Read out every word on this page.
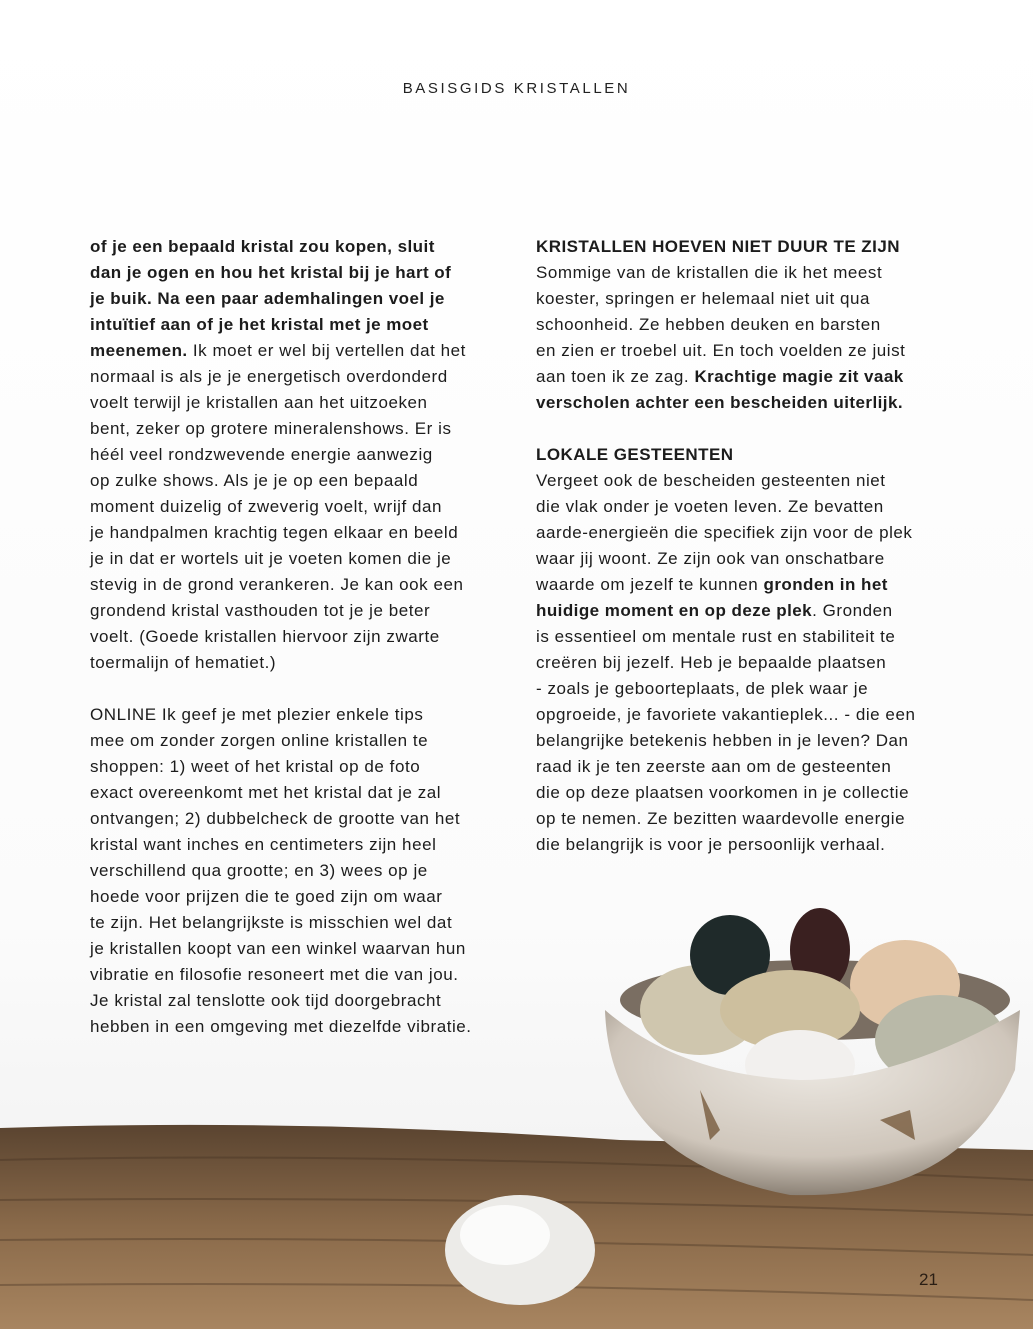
BASISGIDS KRISTALLEN
of je een bepaald kristal zou kopen, sluit
dan je ogen en hou het kristal bij je hart of
je buik. Na een paar ademhalingen voel je
intuïtief aan of je het kristal met je moet
meenemen. Ik moet er wel bij vertellen dat het
normaal is als je je energetisch overdonderd
voelt terwijl je kristallen aan het uitzoeken
bent, zeker op grotere mineralenshows. Er is
héél veel rondzwevende energie aanwezig
op zulke shows. Als je je op een bepaald
moment duizelig of zweverig voelt, wrijf dan
je handpalmen krachtig tegen elkaar en beeld
je in dat er wortels uit je voeten komen die je
stevig in de grond verankeren. Je kan ook een
grondend kristal vasthouden tot je je beter
voelt. (Goede kristallen hiervoor zijn zwarte
toermalijn of hematiet.)
ONLINE Ik geef je met plezier enkele tips
mee om zonder zorgen online kristallen te
shoppen: 1) weet of het kristal op de foto
exact overeenkomt met het kristal dat je zal
ontvangen; 2) dubbelcheck de grootte van het
kristal want inches en centimeters zijn heel
verschillend qua grootte; en 3) wees op je
hoede voor prijzen die te goed zijn om waar
te zijn. Het belangrijkste is misschien wel dat
je kristallen koopt van een winkel waarvan hun
vibratie en filosofie resoneert met die van jou.
Je kristal zal tenslotte ook tijd doorgebracht
hebben in een omgeving met diezelfde vibratie.
KRISTALLEN HOEVEN NIET DUUR TE ZIJN
Sommige van de kristallen die ik het meest
koester, springen er helemaal niet uit qua
schoonheid. Ze hebben deuken en barsten
en zien er troebel uit. En toch voelden ze juist
aan toen ik ze zag. Krachtige magie zit vaak
verscholen achter een bescheiden uiterlijk.
LOKALE GESTEENTEN
Vergeet ook de bescheiden gesteenten niet
die vlak onder je voeten leven. Ze bevatten
aarde-energieën die specifiek zijn voor de plek
waar jij woont. Ze zijn ook van onschatbare
waarde om jezelf te kunnen gronden in het
huidige moment en op deze plek. Gronden
is essentieel om mentale rust en stabiliteit te
creëren bij jezelf. Heb je bepaalde plaatsen
- zoals je geboorteplaats, de plek waar je
opgroeide, je favoriete vakantieplek... - die een
belangrijke betekenis hebben in je leven? Dan
raad ik je ten zeerste aan om de gesteenten
die op deze plaatsen voorkomen in je collectie
op te nemen. Ze bezitten waardevolle energie
die belangrijk is voor je persoonlijk verhaal.
21
